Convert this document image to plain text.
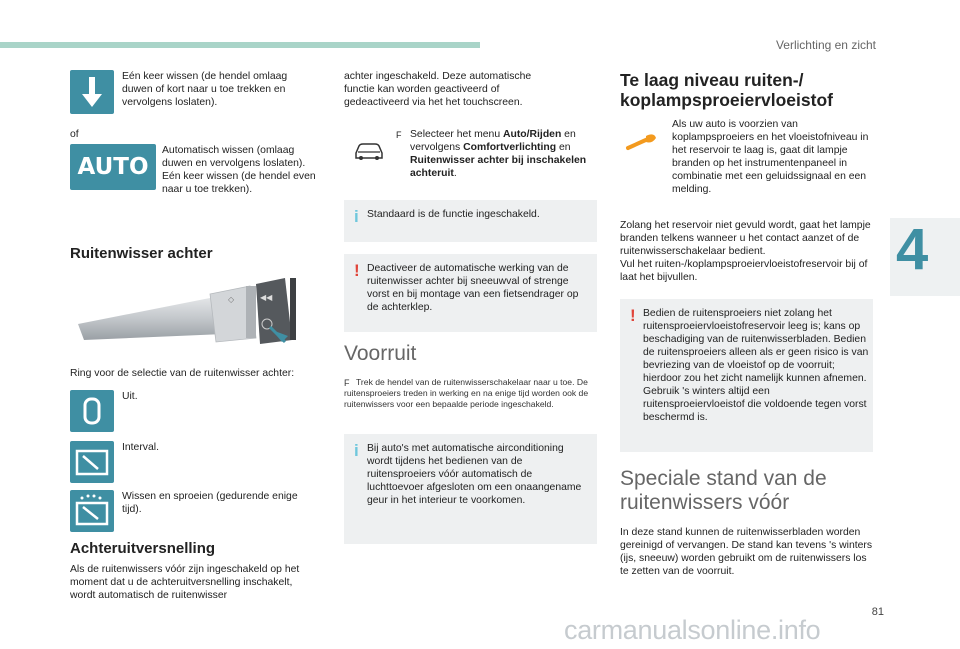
Verlichting en zicht
4
81
carmanualsonline.info
Eén keer wissen (de hendel omlaag duwen of kort naar u toe trekken en vervolgens loslaten).
of
AUTO
Automatisch wissen (omlaag duwen en vervolgens loslaten).
Eén keer wissen (de hendel even naar u toe trekken).
Ruitenwisser achter
◇	◀◀
Ring voor de selectie van de ruitenwisser achter:
Uit.
Interval.
Wissen en sproeien (gedurende enige tijd).
Achteruitversnelling
Als de ruitenwissers vóór zijn ingeschakeld op het moment dat u de achteruitversnelling inschakelt, wordt automatisch de ruitenwisser
achter ingeschakeld. Deze automatische functie kan worden geactiveerd of gedeactiveerd via het het touchscreen.
F Selecteer het menu Auto/Rijden en vervolgens Comfortverlichting en Ruitenwisser achter bij inschakelen achteruit.
i Standaard is de functie ingeschakeld.
! Deactiveer de automatische werking van de ruitenwisser achter bij sneeuwval of strenge vorst en bij montage van een fietsendrager op de achterklep.
Voorruit
F Trek de hendel van de ruitenwisserschakelaar naar u toe. De ruitensproeiers treden in werking en na enige tijd worden ook de ruitenwissers voor een bepaalde periode ingeschakeld.
i Bij auto's met automatische airconditioning wordt tijdens het bedienen van de ruitensproeiers vóór automatisch de luchttoevoer afgesloten om een onaangename geur in het interieur te voorkomen.
Te laag niveau ruiten-/ koplampsproeiervloeistof
Als uw auto is voorzien van koplampsproeiers en het vloeistofniveau in het reservoir te laag is, gaat dit lampje branden op het instrumentenpaneel in combinatie met een geluidssignaal en een melding.
Zolang het reservoir niet gevuld wordt, gaat het lampje branden telkens wanneer u het contact aanzet of de ruitenwisserschakelaar bedient.
Vul het ruiten-/koplampsproeiervloeistofreservoir bij of laat het bijvullen.
! Bedien de ruitensproeiers niet zolang het ruitensproeiervloeistofreservoir leeg is; kans op beschadiging van de ruitenwisserbladen. Bedien de ruitensproeiers alleen als er geen risico is van bevriezing van de vloeistof op de voorruit; hierdoor zou het zicht namelijk kunnen afnemen. Gebruik 's winters altijd een ruitensproeiervloeistof die voldoende tegen vorst beschermd is.
Speciale stand van de ruitenwissers vóór
In deze stand kunnen de ruitenwisserbladen worden gereinigd of vervangen. De stand kan tevens 's winters (ijs, sneeuw) worden gebruikt om de ruitenwissers los te zetten van de voorruit.
